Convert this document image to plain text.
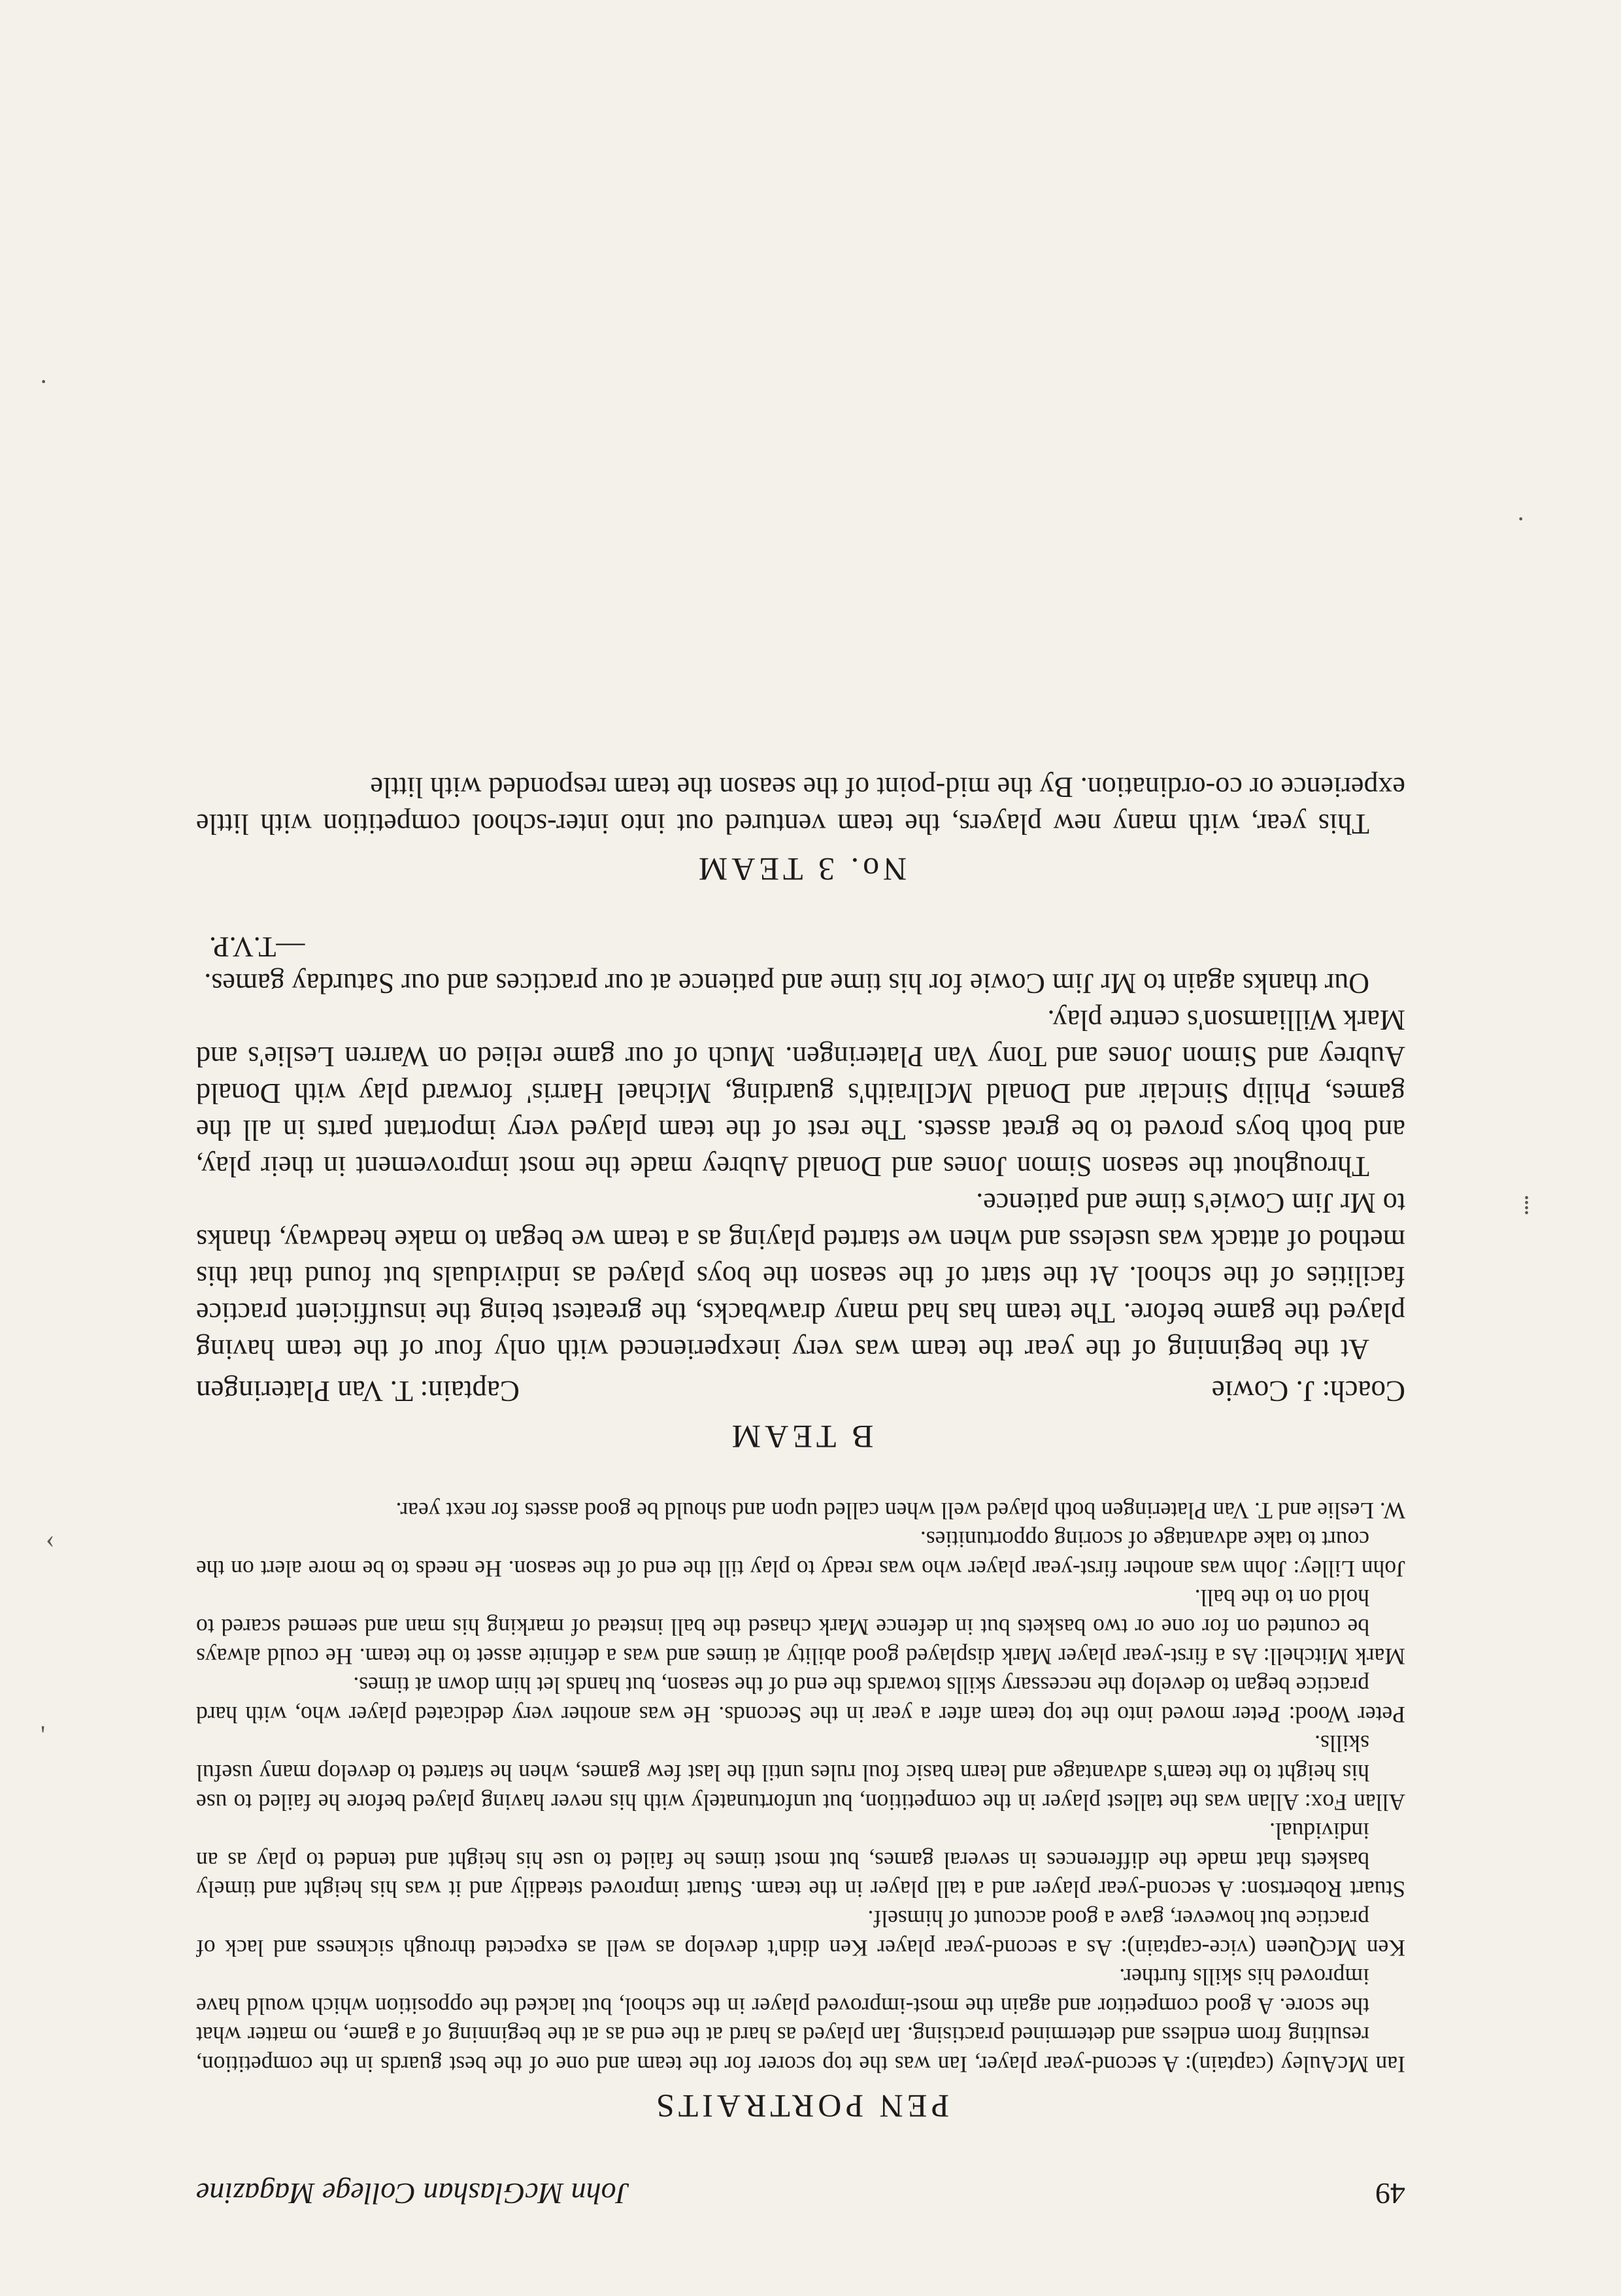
49
John McGlashan College Magazine
PEN PORTRAITS

Ian McAuley (captain): A second-year player, Ian was the top scorer for the team and one of the best guards in the competition, resulting from endless and determined practising. Ian played as hard at the end as at the beginning of a game, no matter what the score. A good competitor and again the most-improved player in the school, but lacked the opposition which would have improved his skills further.

Ken McQueen (vice-captain): As a second-year player Ken didn't develop as well as expected through sickness and lack of practice but however, gave a good account of himself.

Stuart Robertson: A second-year player and a tall player in the team. Stuart improved steadily and it was his height and timely baskets that made the differences in several games, but most times he failed to use his height and tended to play as an individual.

Allan Fox: Allan was the tallest player in the competition, but unfortunately with his never having played before he failed to use his height to the team's advantage and learn basic foul rules until the last few games, when he started to develop many useful skills.

Peter Wood: Peter moved into the top team after a year in the Seconds. He was another very dedicated player who, with hard practice began to develop the necessary skills towards the end of the season, but hands let him down at times.

Mark Mitchell: As a first-year player Mark displayed good ability at times and was a definite asset to the team. He could always be counted on for one or two baskets but in defence Mark chased the ball instead of marking his man and seemed scared to hold on to the ball.

John Lilley: John was another first-year player who was ready to play till the end of the season. He needs to be more alert on the court to take advantage of scoring opportunities.

W. Leslie and T. Van Plateringen both played well when called upon and should be good assets for next year.

B TEAM
Coach: J. Cowie
Captain: T. Van Plateringen

At the beginning of the year the team was very inexperienced with only four of the team having played the game before. The team has had many drawbacks, the greatest being the insufficient practice facilities of the school. At the start of the season the boys played as individuals but found that this method of attack was useless and when we started playing as a team we began to make headway, thanks to Mr Jim Cowie's time and patience.

Throughout the season Simon Jones and Donald Aubrey made the most improvement in their play, and both boys proved to be great assets. The rest of the team played very important parts in all the games, Philip Sinclair and Donald McIlraith's guarding, Michael Harris' forward play with Donald Aubrey and Simon Jones and Tony Van Plateringen. Much of our game relied on Warren Leslie's and Mark Williamson's centre play.

Our thanks again to Mr Jim Cowie for his time and patience at our practices and our Saturday games.

—T.V.P.

No. 3 TEAM

This year, with many new players, the team ventured out into inter-school competition with little experience or co-ordination. By the mid-point of the season the team responded with little

·
‹
'
·
⁞
